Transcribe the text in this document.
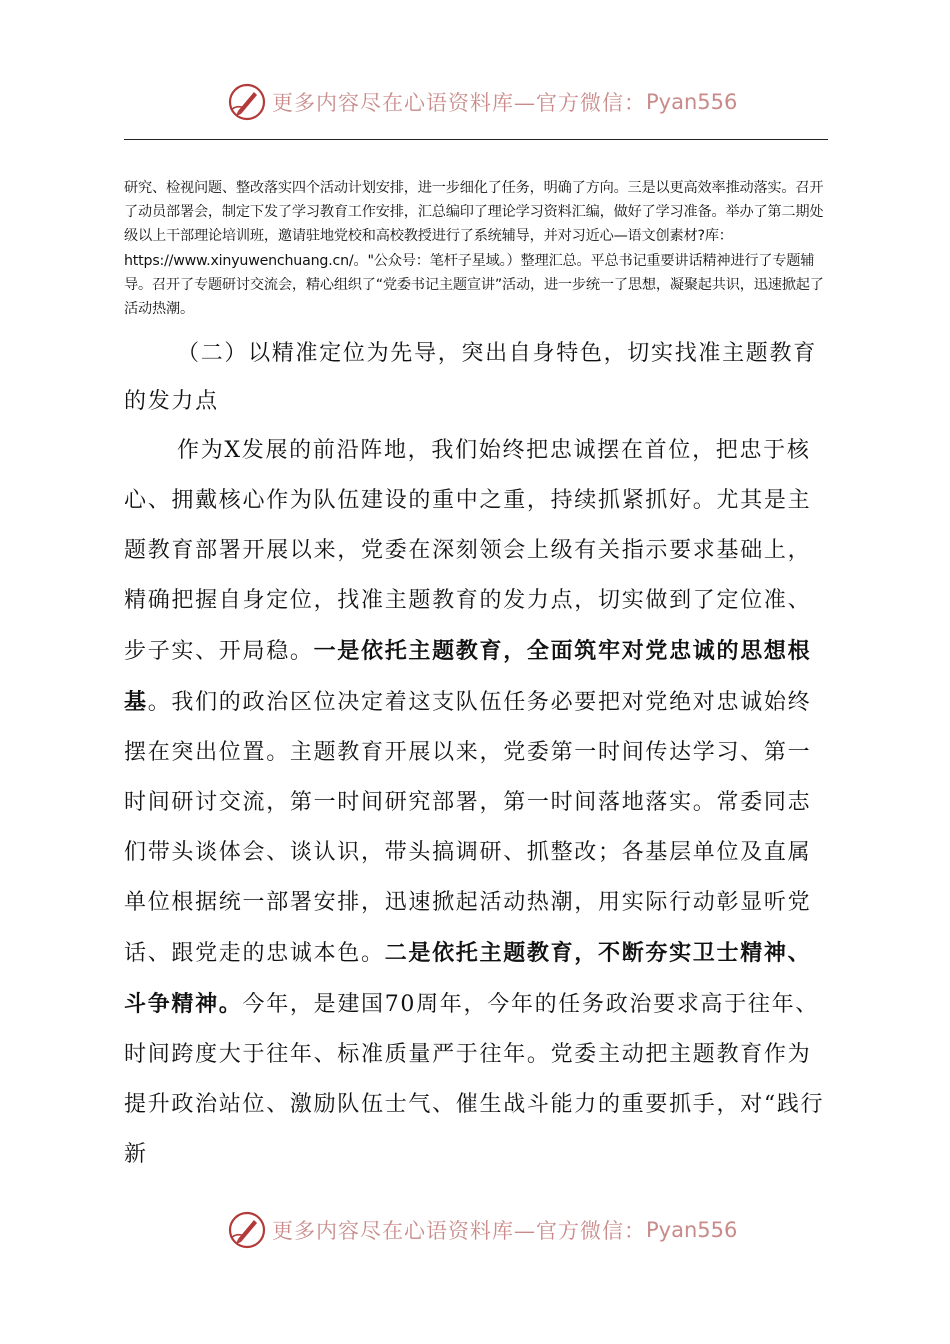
更多内容尽在心语资料库—官方微信： Pyan556

研究、检视问题、整改落实四个活动计划安排，进一步细化了任务，明确了方向。三是以更高效率推动落实。召开了动员部署会，制定下发了学习教育工作安排，汇总编印了理论学习资料汇编，做好了学习准备。举办了第二期处级以上干部理论培训班，邀请驻地党校和高校教授进行了系统辅导，并对习近心—语文创素材?库：https://www.xinyuwenchuang.cn/。"公众号：笔杆子星域。）整理汇总。平总书记重要讲话精神进行了专题辅导。召开了专题研讨交流会，精心组织了“党委书记主题宣讲”活动，进一步统一了思想，凝聚起共识，迅速掀起了活动热潮。

（二）以精准定位为先导，突出自身特色，切实找准主题教育的发力点

作为X发展的前沿阵地，我们始终把忠诚摆在首位，把忠于核心、拥戴核心作为队伍建设的重中之重，持续抓紧抓好。尤其是主题教育部署开展以来，党委在深刻领会上级有关指示要求基础上，精确把握自身定位，找准主题教育的发力点，切实做到了定位准、步子实、开局稳。一是依托主题教育，全面筑牢对党忠诚的思想根基。我们的政治区位决定着这支队伍任务必要把对党绝对忠诚始终摆在突出位置。主题教育开展以来，党委第一时间传达学习、第一时间研讨交流，第一时间研究部署，第一时间落地落实。常委同志们带头谈体会、谈认识，带头搞调研、抓整改；各基层单位及直属单位根据统一部署安排，迅速掀起活动热潮，用实际行动彰显听党话、跟党走的忠诚本色。二是依托主题教育，不断夯实卫士精神、斗争精神。今年，是建国70周年，今年的任务政治要求高于往年、时间跨度大于往年、标准质量严于往年。党委主动把主题教育作为提升政治站位、激励队伍士气、催生战斗能力的重要抓手，对“践行新

更多内容尽在心语资料库—官方微信： Pyan556
